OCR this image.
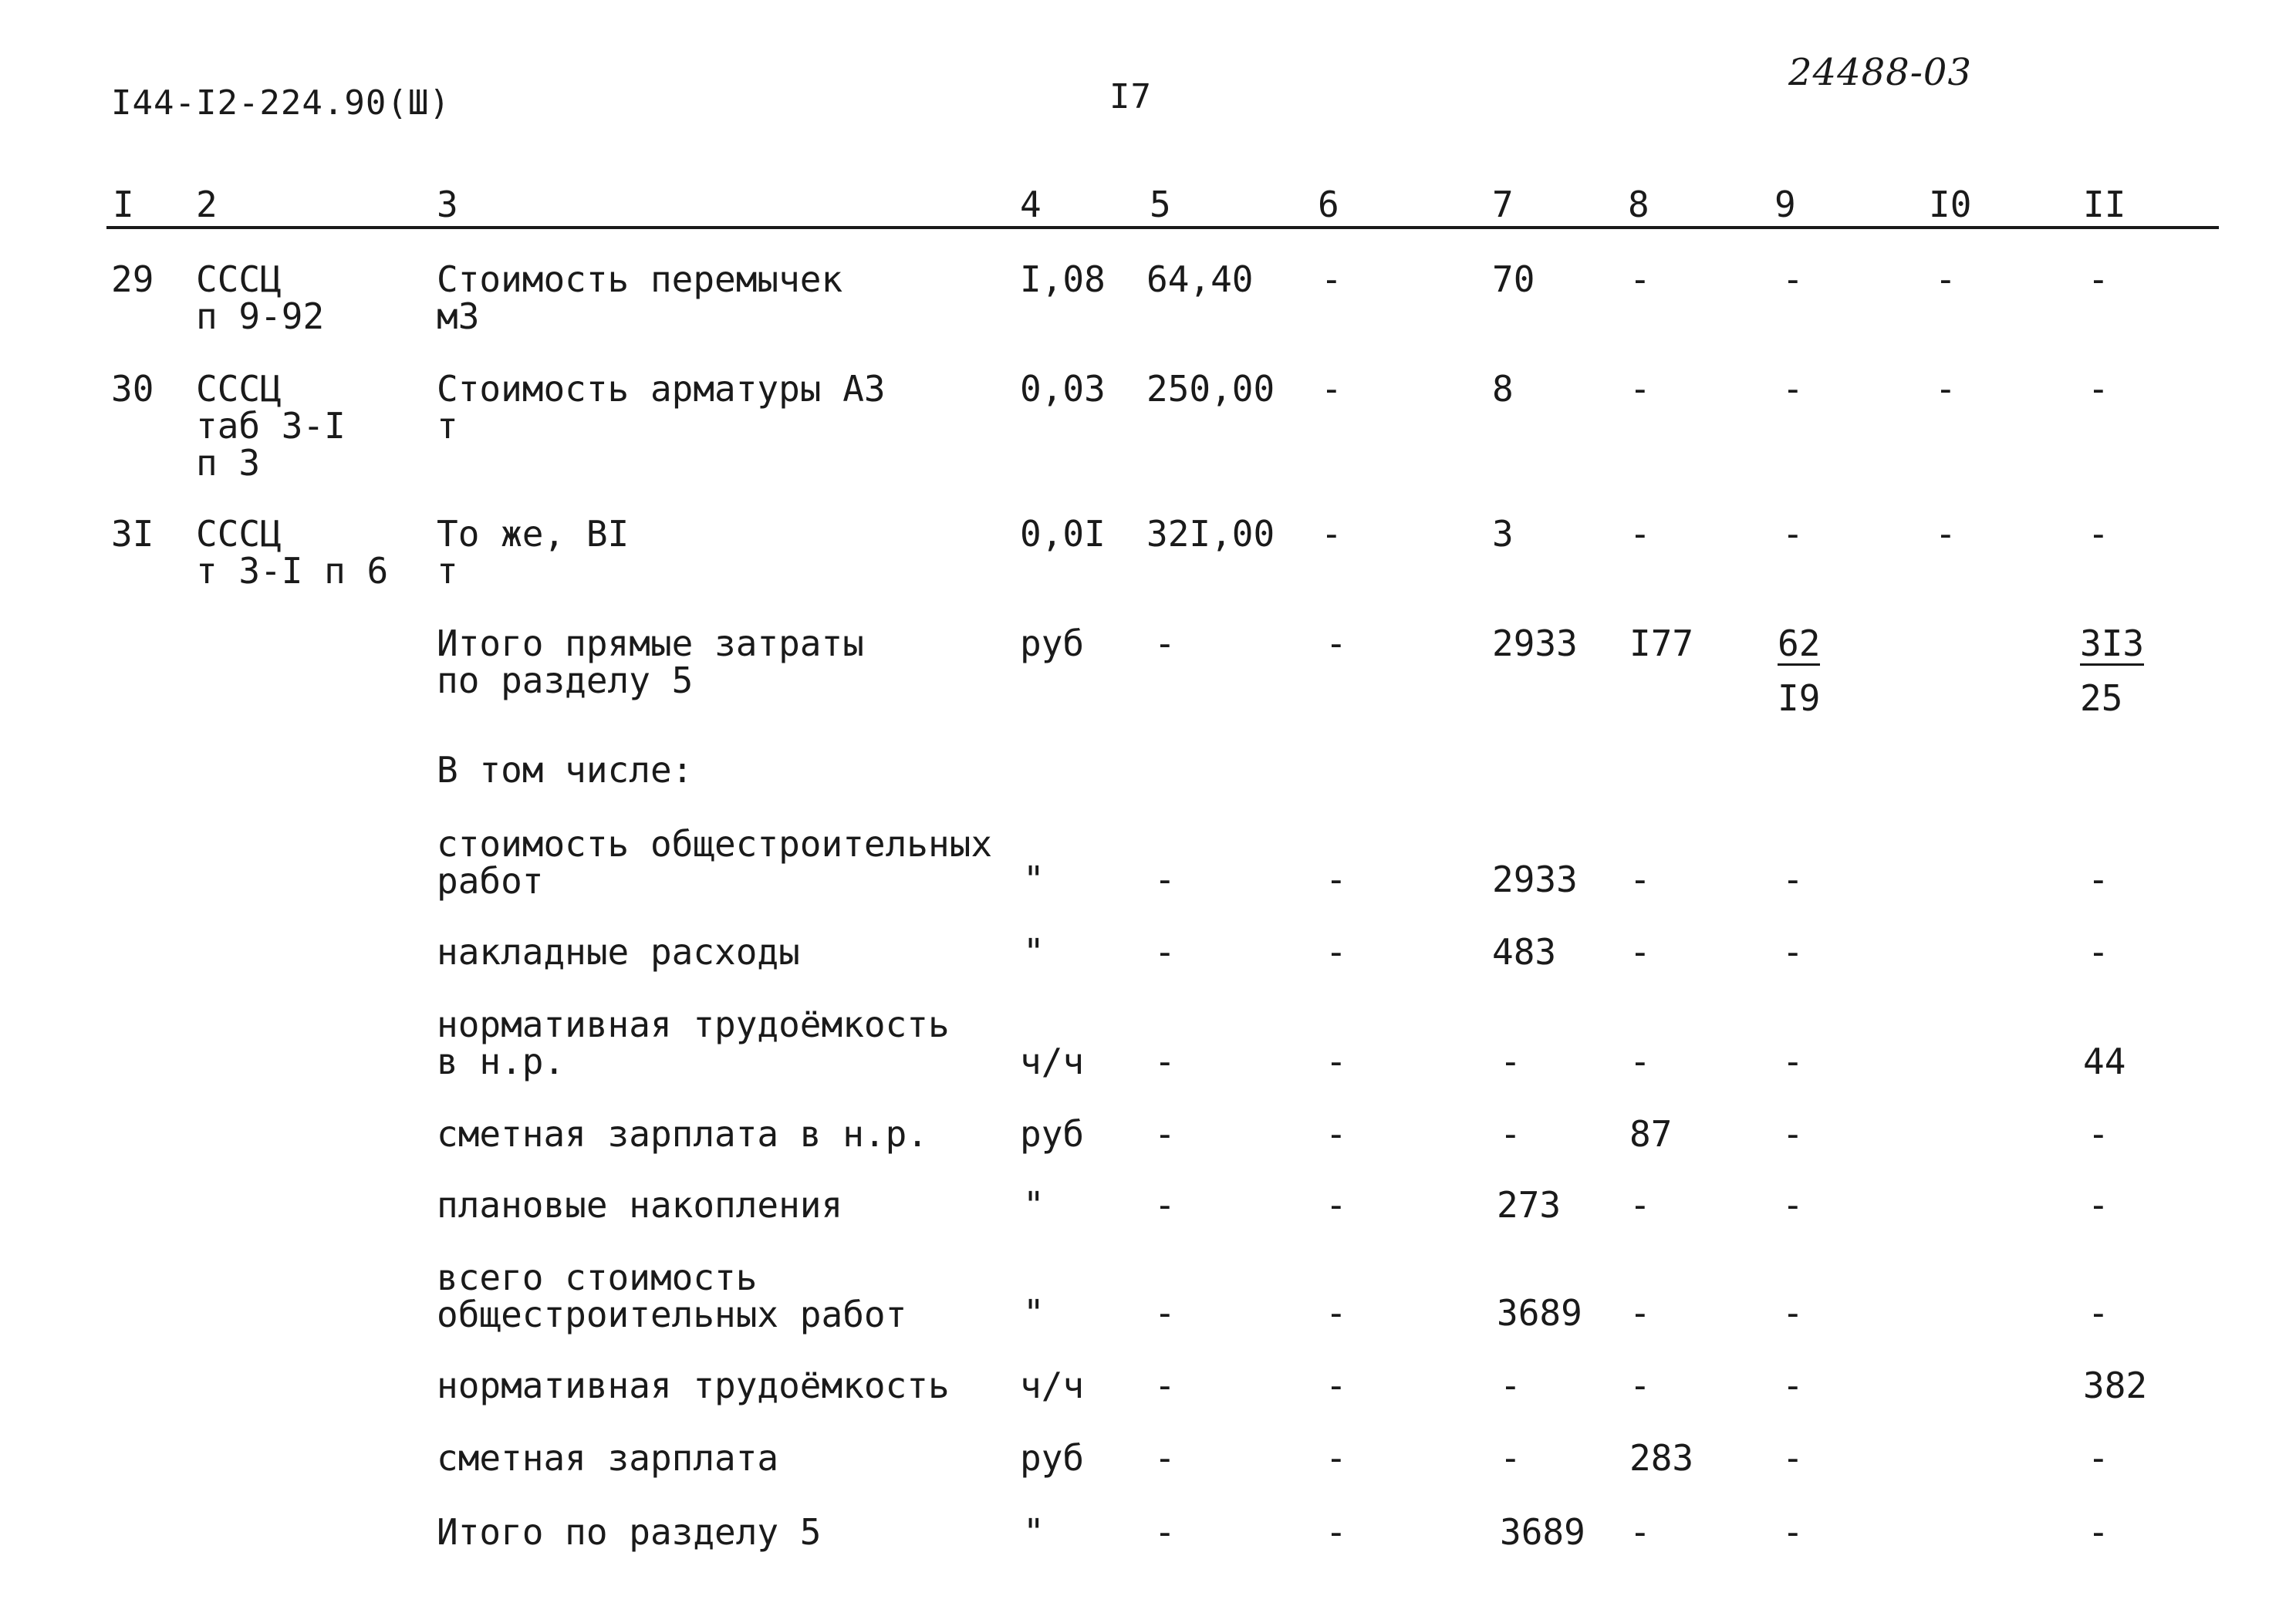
I44-I2-224.90(Ш)	I7
24488-03
I 2	3	4	5	6	7	8	9	I0	II
29 СССЦ
п 9-92
Стоимость перемычек
м3
I,08 64,40 -	70	-	-	-	-
30 СССЦ
таб 3-I
п 3
Стоимость арматуры А3
т
0,03 250,00 -	8	-	-	-	-
3I СССЦ
т 3-I п 6
То же, ВI
т
0,0I 32I,00 -	3	-	-	-	-
Итого прямые затраты
по разделу 5
руб -	-	2933 $I77 \frac{62}{I9}$	$\frac{3I3}{25}$
В том числе:
стоимость общестроительных
работ	"	-	-	2933 -	-	-
накладные расходы	"	-	-	483 -	-	-
нормативная трудоёмкость
в н.р.	ч/ч -	-	-	-	-	44
сметная зарплата в н.р.	руб -	-	-	87	-	-
плановые накопления	"	-	-	273 -	-	-
всего стоимость
общестроительных работ	"	-	-	3689 -	-	-
нормативная трудоёмкость ч/ч -	-	-	-	-	382
сметная зарплата	руб -	-	-	283 -	-
Итого по разделу 5	"	-	-	3689 -	-	-
